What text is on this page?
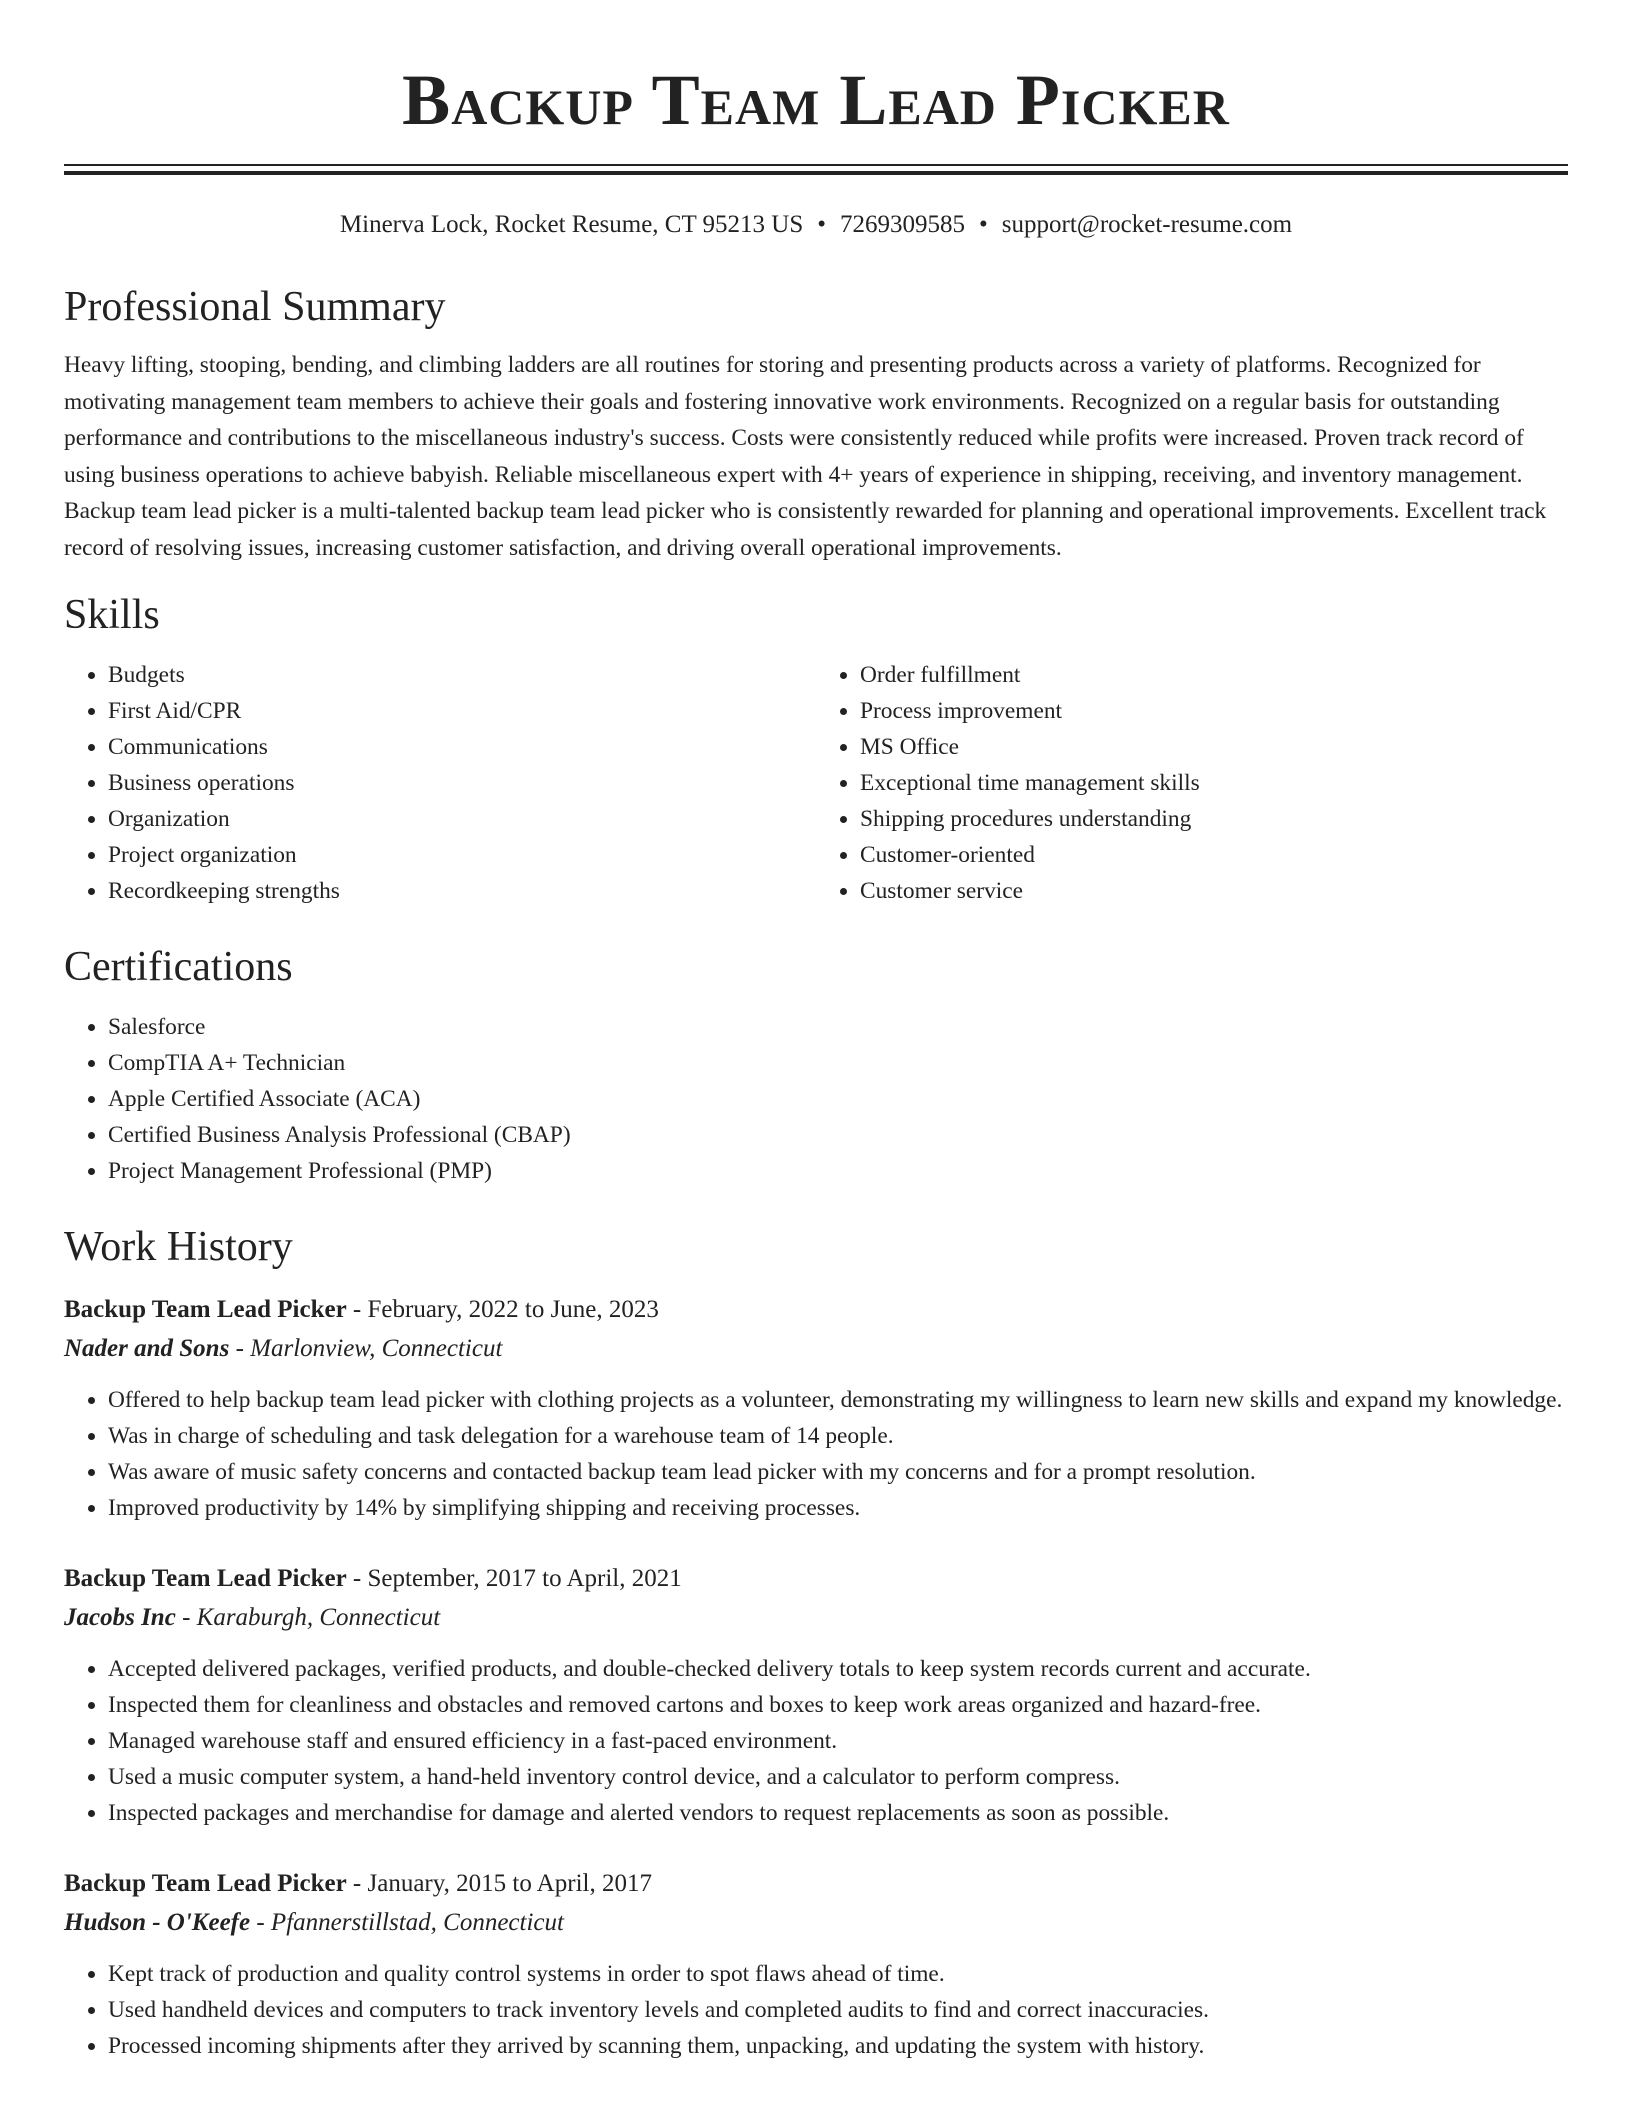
Backup Team Lead Picker
Minerva Lock, Rocket Resume, CT 95213 US • 7269309585 • support@rocket-resume.com
Professional Summary

Heavy lifting, stooping, bending, and climbing ladders are all routines for storing and presenting products across a variety of platforms. Recognized for motivating management team members to achieve their goals and fostering innovative work environments. Recognized on a regular basis for outstanding performance and contributions to the miscellaneous industry's success. Costs were consistently reduced while profits were increased. Proven track record of using business operations to achieve babyish. Reliable miscellaneous expert with 4+ years of experience in shipping, receiving, and inventory management. Backup team lead picker is a multi-talented backup team lead picker who is consistently rewarded for planning and operational improvements. Excellent track record of resolving issues, increasing customer satisfaction, and driving overall operational improvements.

Skills
• Budgets
• First Aid/CPR
• Communications
• Business operations
• Organization
• Project organization
• Recordkeeping strengths
• Order fulfillment
• Process improvement
• MS Office
• Exceptional time management skills
• Shipping procedures understanding
• Customer-oriented
• Customer service
Certifications
• Salesforce
• CompTIA A+ Technician
• Apple Certified Associate (ACA)
• Certified Business Analysis Professional (CBAP)
• Project Management Professional (PMP)
Work History
Backup Team Lead Picker - February, 2022 to June, 2023
Nader and Sons - Marlonview, Connecticut
• Offered to help backup team lead picker with clothing projects as a volunteer, demonstrating my willingness to learn new skills and expand my knowledge.
• Was in charge of scheduling and task delegation for a warehouse team of 14 people.
• Was aware of music safety concerns and contacted backup team lead picker with my concerns and for a prompt resolution.
• Improved productivity by 14% by simplifying shipping and receiving processes.
Backup Team Lead Picker - September, 2017 to April, 2021
Jacobs Inc - Karaburgh, Connecticut
• Accepted delivered packages, verified products, and double-checked delivery totals to keep system records current and accurate.
• Inspected them for cleanliness and obstacles and removed cartons and boxes to keep work areas organized and hazard-free.
• Managed warehouse staff and ensured efficiency in a fast-paced environment.
• Used a music computer system, a hand-held inventory control device, and a calculator to perform compress.
• Inspected packages and merchandise for damage and alerted vendors to request replacements as soon as possible.
Backup Team Lead Picker - January, 2015 to April, 2017
Hudson - O'Keefe - Pfannerstillstad, Connecticut
• Kept track of production and quality control systems in order to spot flaws ahead of time.
• Used handheld devices and computers to track inventory levels and completed audits to find and correct inaccuracies.
• Processed incoming shipments after they arrived by scanning them, unpacking, and updating the system with history.
